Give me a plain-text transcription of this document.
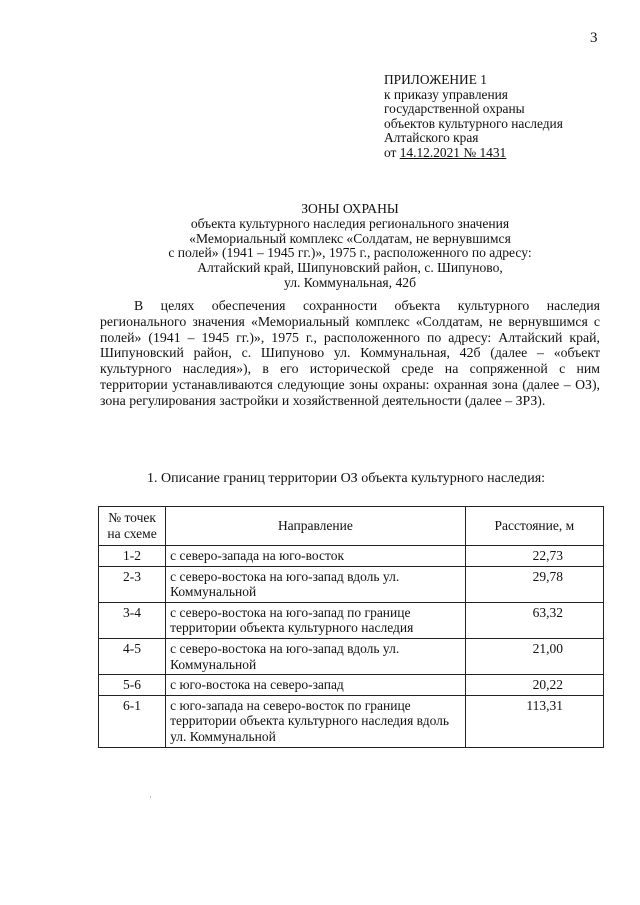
3
ПРИЛОЖЕНИЕ 1
к приказу управления
государственной охраны
объектов культурного наследия
Алтайского края
от 14.12.2021 № 1431
ЗОНЫ ОХРАНЫ
объекта культурного наследия регионального значения
«Мемориальный комплекс «Солдатам, не вернувшимся
с полей» (1941 – 1945 гг.)», 1975 г., расположенного по адресу:
Алтайский край, Шипуновский район, с. Шипуново,
ул. Коммунальная, 42б

В целях обеспечения сохранности объекта культурного наследия регионального значения «Мемориальный комплекс «Солдатам, не вернувшимся с полей» (1941 – 1945 гг.)», 1975 г., расположенного по адресу: Алтайский край, Шипуновский район, с. Шипуново ул. Коммунальная, 42б (далее – «объект культурного наследия»), в его исторической среде на сопряженной с ним территории устанавливаются следующие зоны охраны: охранная зона (далее – ОЗ), зона регулирования застройки и хозяйственной деятельности (далее – ЗРЗ).

1. Описание границ территории ОЗ объекта культурного наследия:
№ точек на схеме	Направление	Расстояние, м
1-2	с северо-запада на юго-восток	22,73
2-3	с северо-востока на юго-запад вдоль ул. Коммунальной	29,78
3-4	с северо-востока на юго-запад по границе территории объекта культурного наследия	63,32
4-5	с северо-востока на юго-запад вдоль ул. Коммунальной	21,00
5-6	с юго-востока на северо-запад	20,22
6-1	с юго-запада на северо-восток по границе территории объекта культурного наследия вдоль ул. Коммунальной	113,31
